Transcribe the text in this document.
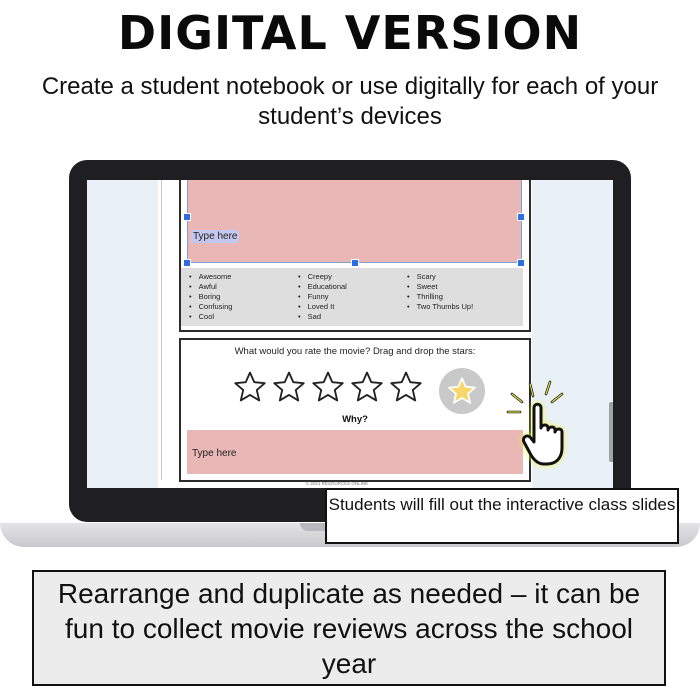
DIGITAL VERSION
Create a student notebook or use digitally for each of your student’s devices
Type here
• Awesome
• Awful
• Boring
• Confusing
• Cool
• Creepy
• Educational
• Funny
• Loved It
• Sad
• Scary
• Sweet
• Thrilling
• Two Thumbs Up!
What would you rate the movie? Drag and drop the stars:
Why?
Type here
© 2021 RESOURCES ONLINE
Students will fill out the interactive class slides
Rearrange and duplicate as needed – it can be fun to collect movie reviews across the school year
